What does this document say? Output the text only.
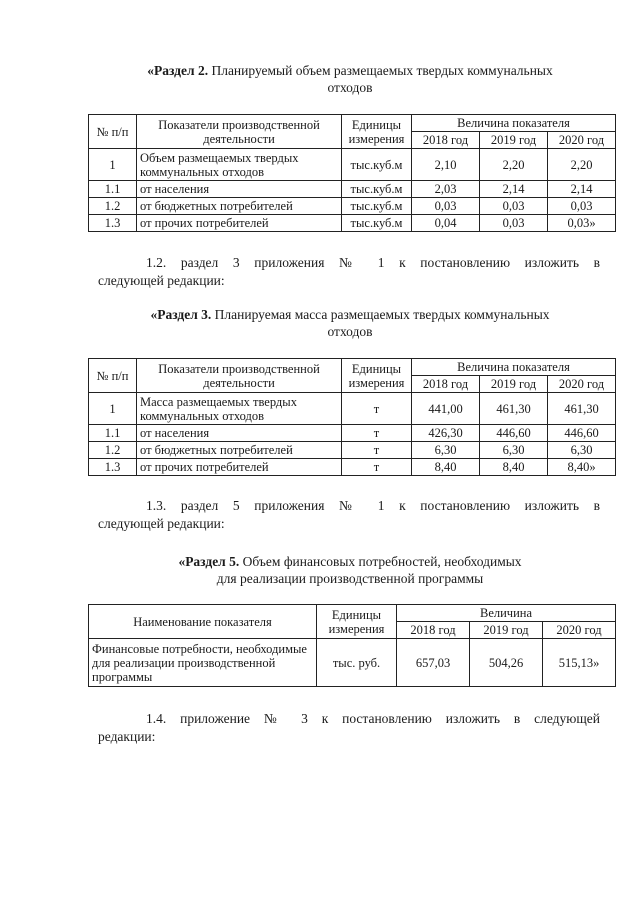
«Раздел 2. Планируемый объем размещаемых твердых коммунальных
отходов
№ п/п	Показатели производственной деятельности	Единицы измерения	Величина показателя		
			2018 год	2019 год	2020 год
1	Объем размещаемых твердых коммунальных отходов	тыс.куб.м	2,10	2,20	2,20
1.1	от населения	тыс.куб.м	2,03	2,14	2,14
1.2	от бюджетных потребителей	тыс.куб.м	0,03	0,03	0,03
1.3	от прочих потребителей	тыс.куб.м	0,04	0,03	0,03»
1.2. раздел 3 приложения № 1 к постановлению изложить в
следующей редакции:
«Раздел 3. Планируемая масса размещаемых твердых коммунальных
отходов
№ п/п	Показатели производственной деятельности	Единицы измерения	Величина показателя		
			2018 год	2019 год	2020 год
1	Масса размещаемых твердых коммунальных отходов	т	441,00	461,30	461,30
1.1	от населения	т	426,30	446,60	446,60
1.2	от бюджетных потребителей	т	6,30	6,30	6,30
1.3	от прочих потребителей	т	8,40	8,40	8,40»
1.3. раздел 5 приложения № 1 к постановлению изложить в
следующей редакции:
«Раздел 5. Объем финансовых потребностей, необходимых
для реализации производственной программы
Наименование показателя	Единицы измерения	Величина		
		2018 год	2019 год	2020 год
Финансовые потребности, необходимые для реализации производственной программы	тыс. руб.	657,03	504,26	515,13»
1.4. приложение № 3 к постановлению изложить в следующей
редакции:
